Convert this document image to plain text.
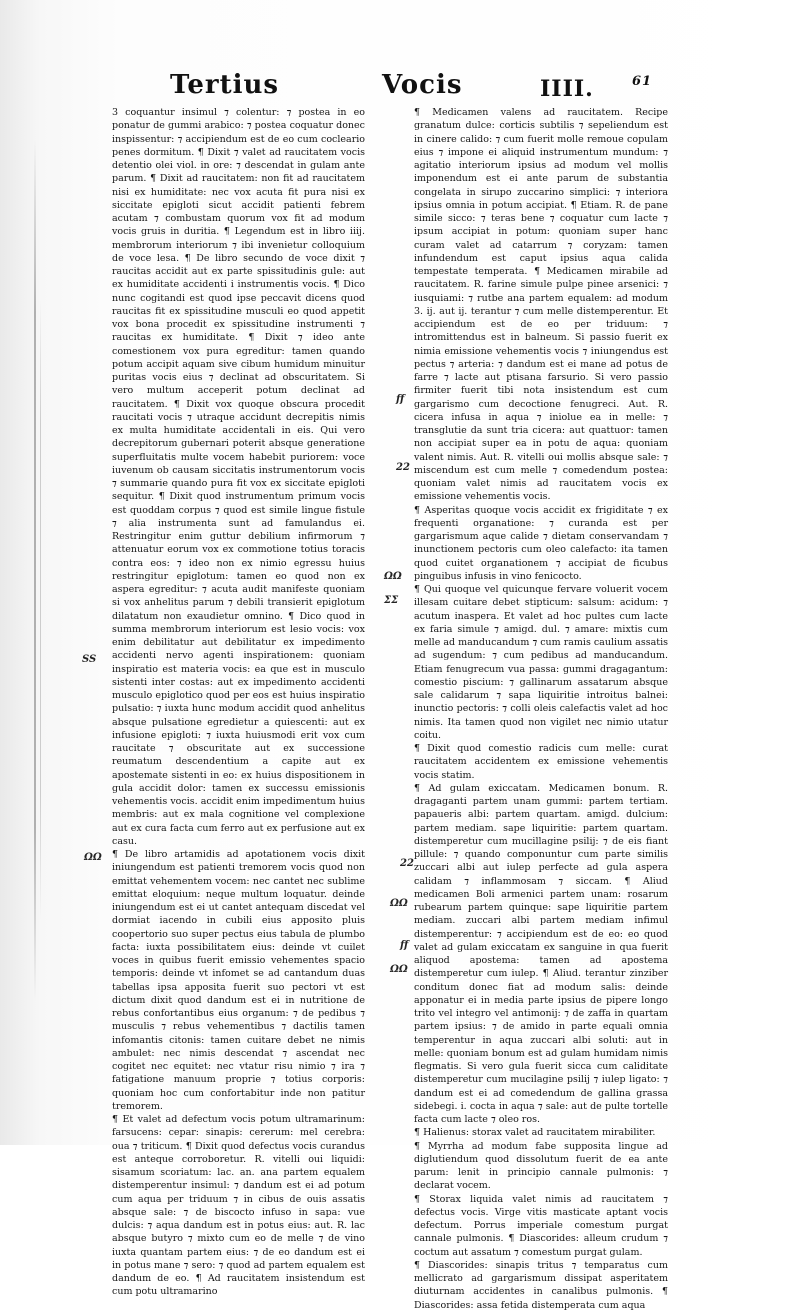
Tertius	Vocis	IIII.	61

3 coquantur insimul ⁊ colentur: ⁊ postea in eo ponatur de gummi arabico: ⁊ postea coquatur donec inspissentur: ⁊ accipiendum est de eo cum cocleario penes dormitum. ¶ Dixit ⁊ valet ad raucitatem vocis detentio olei viol. in ore: ⁊ descendat in gulam ante parum. ¶ Dixit ad raucitatem: non fit ad raucitatem nisi ex humiditate: nec vox acuta fit pura nisi ex siccitate epigloti sicut accidit patienti febrem acutam ⁊ combustam quorum vox fit ad modum vocis gruis in duritia. ¶ Legendum est in libro iiij. membrorum interiorum ⁊ ibi invenietur colloquium de voce lesa. ¶ De libro secundo de voce dixit ⁊ raucitas accidit aut ex parte spissitudinis gule: aut ex humiditate accidenti i instrumentis vocis. ¶ Dico nunc cogitandi est quod ipse peccavit dicens quod raucitas fit ex spissitudine musculi eo quod appetit vox bona procedit ex spissitudine instrumenti ⁊ raucitas ex humiditate. ¶ Dixit ⁊ ideo ante comestionem vox pura egreditur: tamen quando potum accipit aquam sive cibum humidum minuitur puritas vocis eius ⁊ declinat ad obscuritatem. Si vero multum acceperit potum declinat ad raucitatem. ¶ Dixit vox quoque obscura procedit raucitati vocis ⁊ utraque accidunt decrepitis nimis ex multa humiditate accidentali in eis. Qui vero decrepitorum gubernari poterit absque generatione superfluitatis multe vocem habebit puriorem: voce iuvenum ob causam siccitatis instrumentorum vocis ⁊ summarie quando pura fit vox ex siccitate epigloti sequitur. ¶ Dixit quod instrumentum primum vocis est quoddam corpus ⁊ quod est simile lingue fistule ⁊ alia instrumenta sunt ad famulandus ei. Restringitur enim guttur debilium infirmorum ⁊ attenuatur eorum vox ex commotione totius toracis contra eos: ⁊ ideo non ex nimio egressu huius restringitur epiglotum: tamen eo quod non ex aspera egreditur: ⁊ acuta audit manifeste quoniam si vox anhelitus parum ⁊ debili transierit epiglotum dilatatum non exaudietur omnino. ¶ Dico quod in summa membrorum interiorum est lesio vocis: vox enim debilitatur aut debilitatur ex impedimento accidenti nervo agenti inspirationem: quoniam inspiratio est materia vocis: ea que est in musculo sistenti inter costas: aut ex impedimento accidenti musculo epiglotico quod per eos est huius inspiratio pulsatio: ⁊ iuxta hunc modum accidit quod anhelitus absque pulsatione egredietur a quiescenti: aut ex infusione epigloti: ⁊ iuxta huiusmodi erit vox cum raucitate ⁊ obscuritate aut ex successione reumatum descendentium a capite aut ex apostemate sistenti in eo: ex huius dispositionem in gula accidit dolor: tamen ex successu emissionis vehementis vocis. accidit enim impedimentum huius membris: aut ex mala cognitione vel complexione aut ex cura facta cum ferro aut ex perfusione aut ex casu.

¶ De libro artamidis ad apotationem vocis dixit iniungendum est patienti tremorem vocis quod non emittat vehementem vocem: nec cantet nec sublime emittat eloquium: neque multum loquatur. deinde iniungendum est ei ut cantet antequam discedat vel dormiat iacendo in cubili eius apposito pluis coopertorio suo super pectus eius tabula de plumbo facta: iuxta possibilitatem eius: deinde vt cuilet voces in quibus fuerit emissio vehementes spacio temporis: deinde vt infomet se ad cantandum duas tabellas ipsa apposita fuerit suo pectori vt est dictum dixit quod dandum est ei in nutritione de rebus confortantibus eius organum: ⁊ de pedibus ⁊ musculis ⁊ rebus vehementibus ⁊ dactilis tamen infomantis citonis: tamen cuitare debet ne nimis ambulet: nec nimis descendat ⁊ ascendat nec cogitet nec equitet: nec vtatur risu nimio ⁊ ira ⁊ fatigatione manuum proprie ⁊ totius corporis: quoniam hoc cum confortabitur inde non patitur tremorem.

¶ Et valet ad defectum vocis potum ultramarinum: farsucens: cepar: sinapis: cererum: mel cerebra: oua ⁊ triticum. ¶ Dixit quod defectus vocis curandus est anteque corroboretur. R. vitelli oui liquidi: sisamum scoriatum: lac. an. ana partem equalem distemperentur insimul: ⁊ dandum est ei ad potum cum aqua per triduum ⁊ in cibus de ouis assatis absque sale: ⁊ de biscocto infuso in sapa: vue dulcis: ⁊ aqua dandum est in potus eius: aut. R. lac absque butyro ⁊ mixto cum eo de melle ⁊ de vino iuxta quantam partem eius: ⁊ de eo dandum est ei in potus mane ⁊ sero: ⁊ quod ad partem equalem est dandum de eo. ¶ Ad raucitatem insistendum est cum potu ultramarino

¶ Medicamen valens ad raucitatem. Recipe granatum dulce: corticis subtilis ⁊ sepeliendum est in cinere calido: ⁊ cum fuerit molle remoue copulam eius ⁊ impone ei aliquid instrumentum mundum: ⁊ agitatio interiorum ipsius ad modum vel mollis imponendum est ei ante parum de substantia congelata in sirupo zuccarino simplici: ⁊ interiora ipsius omnia in potum accipiat. ¶ Etiam. R. de pane simile sicco: ⁊ teras bene ⁊ coquatur cum lacte ⁊ ipsum accipiat in potum: quoniam super hanc curam valet ad catarrum ⁊ coryzam: tamen infundendum est caput ipsius aqua calida tempestate temperata. ¶ Medicamen mirabile ad raucitatem. R. farine simule pulpe pinee arsenici: ⁊ iusquiami: ⁊ rutbe ana partem equalem: ad modum 3. ij. aut ij. terantur ⁊ cum melle distemperentur. Et accipiendum est de eo per triduum: ⁊ intromittendus est in balneum. Si passio fuerit ex nimia emissione vehementis vocis ⁊ iniungendus est pectus ⁊ arteria: ⁊ dandum est ei mane ad potus de farre ⁊ lacte aut ptisana farsurio. Si vero passio firmiter fuerit tibi nota insistendum est cum gargarismo cum decoctione fenugreci. Aut. R. cicera infusa in aqua ⁊ iniolue ea in melle: ⁊ transglutie da sunt tria cicera: aut quattuor: tamen non accipiat super ea in potu de aqua: quoniam valent nimis. Aut. R. vitelli oui mollis absque sale: ⁊ miscendum est cum melle ⁊ comedendum postea: quoniam valet nimis ad raucitatem vocis ex emissione vehementis vocis.

¶ Asperitas quoque vocis accidit ex frigiditate ⁊ ex frequenti organatione: ⁊ curanda est per gargarismum aque calide ⁊ dietam conservandam ⁊ inunctionem pectoris cum oleo calefacto: ita tamen quod cuitet organationem ⁊ accipiat de ficubus pinguibus infusis in vino fenicocto.

¶ Qui quoque vel quicunque fervare voluerit vocem illesam cuitare debet stipticum: salsum: acidum: ⁊ acutum inaspera. Et valet ad hoc pultes cum lacte ex faria simule ⁊ amigd. dul. ⁊ amare: mixtis cum melle ad manducandum ⁊ cum ramis caulium assatis ad sugendum: ⁊ cum pedibus ad manducandum. Etiam fenugrecum vua passa: gummi dragagantum: comestio piscium: ⁊ gallinarum assatarum absque sale calidarum ⁊ sapa liquiritie introitus balnei: inunctio pectoris: ⁊ colli oleis calefactis valet ad hoc nimis. Ita tamen quod non vigilet nec nimio utatur coitu.

¶ Dixit quod comestio radicis cum melle: curat raucitatem accidentem ex emissione vehementis vocis statim.

¶ Ad gulam exiccatam. Medicamen bonum. R. dragaganti partem unam gummi: partem tertiam. papaueris albi: partem quartam. amigd. dulcium: partem mediam. sape liquiritie: partem quartam. distemperetur cum mucillagine psilij: ⁊ de eis fiant pillule: ⁊ quando componuntur cum parte similis zuccari albi aut iulep perfecte ad gula aspera calidam ⁊ inflammosam ⁊ siccam. ¶ Aliud medicamen Boli armenici partem unam: rosarum rubearum partem quinque: sape liquiritie partem mediam. zuccari albi partem mediam infimul distemperentur: ⁊ accipiendum est de eo: eo quod valet ad gulam exiccatam ex sanguine in qua fuerit aliquod apostema: tamen ad apostema distemperetur cum iulep. ¶ Aliud. terantur zinziber conditum donec fiat ad modum salis: deinde apponatur ei in media parte ipsius de pipere longo trito vel integro vel antimonij: ⁊ de zaffa in quartam partem ipsius: ⁊ de amido in parte equali omnia temperentur in aqua zuccari albi soluti: aut in melle: quoniam bonum est ad gulam humidam nimis flegmatis. Si vero gula fuerit sicca cum caliditate distemperetur cum mucilagine psilij ⁊ iulep ligato: ⁊ dandum est ei ad comedendum de gallina grassa sidebegi. i. cocta in aqua ⁊ sale: aut de pulte tortelle facta cum lacte ⁊ oleo ros.

¶ Halienus: storax valet ad raucitatem mirabiliter.

¶ Myrrha ad modum fabe supposita lingue ad diglutiendum quod dissolutum fuerit de ea ante parum: lenit in principio cannale pulmonis: ⁊ declarat vocem.

¶ Storax liquida valet nimis ad raucitatem ⁊ defectus vocis. Virge vitis masticate aptant vocis defectum. Porrus imperiale comestum purgat cannale pulmonis. ¶ Diascorides: alleum crudum ⁊ coctum aut assatum ⁊ comestum purgat gulam.

¶ Diascorides: sinapis tritus ⁊ temparatus cum mellicrato ad gargarismum dissipat asperitatem diuturnam accidentes in canalibus pulmonis. ¶ Diascorides: assa fetida distemperata cum aqua

SS
ΩΩ
ff
22
ΩΩ
ΣΣ
22
ΩΩ
ff
ΩΩ
